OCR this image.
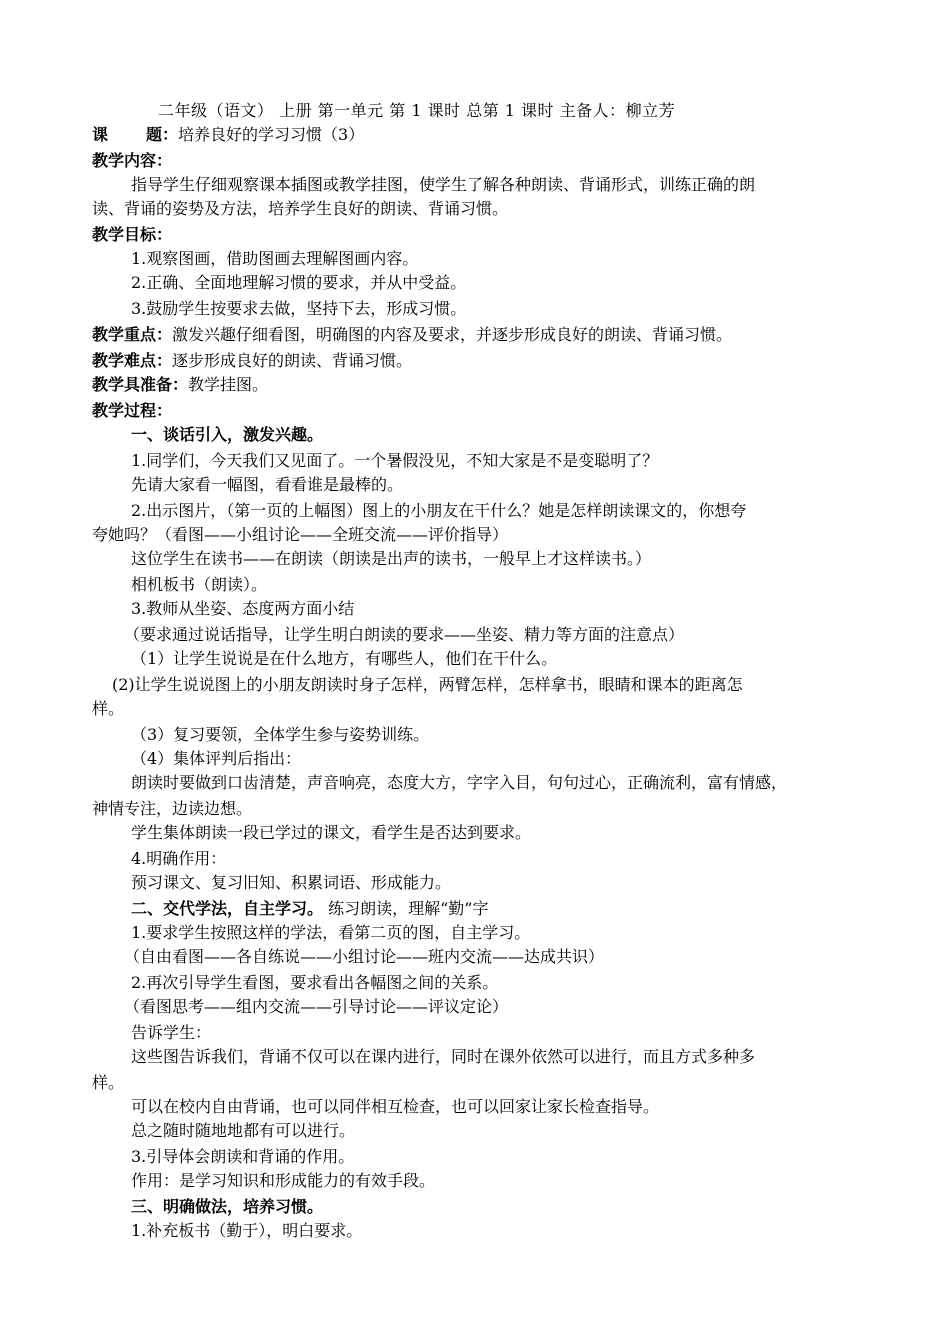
二年级（语文） 上册 第一单元 第 1 课时 总第 1 课时 主备人：柳立芳
课 题：培养良好的学习习惯（3）
教学内容：
指导学生仔细观察课本插图或教学挂图，使学生了解各种朗读、背诵形式，训练正确的朗
读、背诵的姿势及方法，培养学生良好的朗读、背诵习惯。
教学目标：
1.观察图画，借助图画去理解图画内容。
2.正确、全面地理解习惯的要求，并从中受益。
3.鼓励学生按要求去做，坚持下去，形成习惯。
教学重点：激发兴趣仔细看图，明确图的内容及要求，并逐步形成良好的朗读、背诵习惯。
教学难点：逐步形成良好的朗读、背诵习惯。
教学具准备：教学挂图。
教学过程：
一、谈话引入，激发兴趣。
1.同学们，今天我们又见面了。一个暑假没见，不知大家是不是变聪明了？
先请大家看一幅图，看看谁是最棒的。
2.出示图片，（第一页的上幅图）图上的小朋友在干什么？她是怎样朗读课文的，你想夸
夸她吗？（看图——小组讨论——全班交流——评价指导）
这位学生在读书——在朗读（朗读是出声的读书，一般早上才这样读书。）
相机板书（朗读）。
3.教师从坐姿、态度两方面小结
（要求通过说话指导，让学生明白朗读的要求——坐姿、精力等方面的注意点）
（1）让学生说说是在什么地方，有哪些人，他们在干什么。
(2)让学生说说图上的小朋友朗读时身子怎样，两臂怎样，怎样拿书，眼睛和课本的距离怎
样。
（3）复习要领，全体学生参与姿势训练。
（4）集体评判后指出：
朗读时要做到口齿清楚，声音响亮，态度大方，字字入目，句句过心，正确流利，富有情感，
神情专注，边读边想。
学生集体朗读一段已学过的课文，看学生是否达到要求。
4.明确作用：
预习课文、复习旧知、积累词语、形成能力。
二、交代学法，自主学习。 练习朗读，理解“勤”字
1.要求学生按照这样的学法，看第二页的图，自主学习。
（自由看图——各自练说——小组讨论——班内交流——达成共识）
2.再次引导学生看图，要求看出各幅图之间的关系。
（看图思考——组内交流——引导讨论——评议定论）
告诉学生：
这些图告诉我们，背诵不仅可以在课内进行，同时在课外依然可以进行，而且方式多种多
样。
可以在校内自由背诵，也可以同伴相互检查，也可以回家让家长检查指导。
总之随时随地地都有可以进行。
3.引导体会朗读和背诵的作用。
作用：是学习知识和形成能力的有效手段。
三、明确做法，培养习惯。
1.补充板书（勤于），明白要求。
